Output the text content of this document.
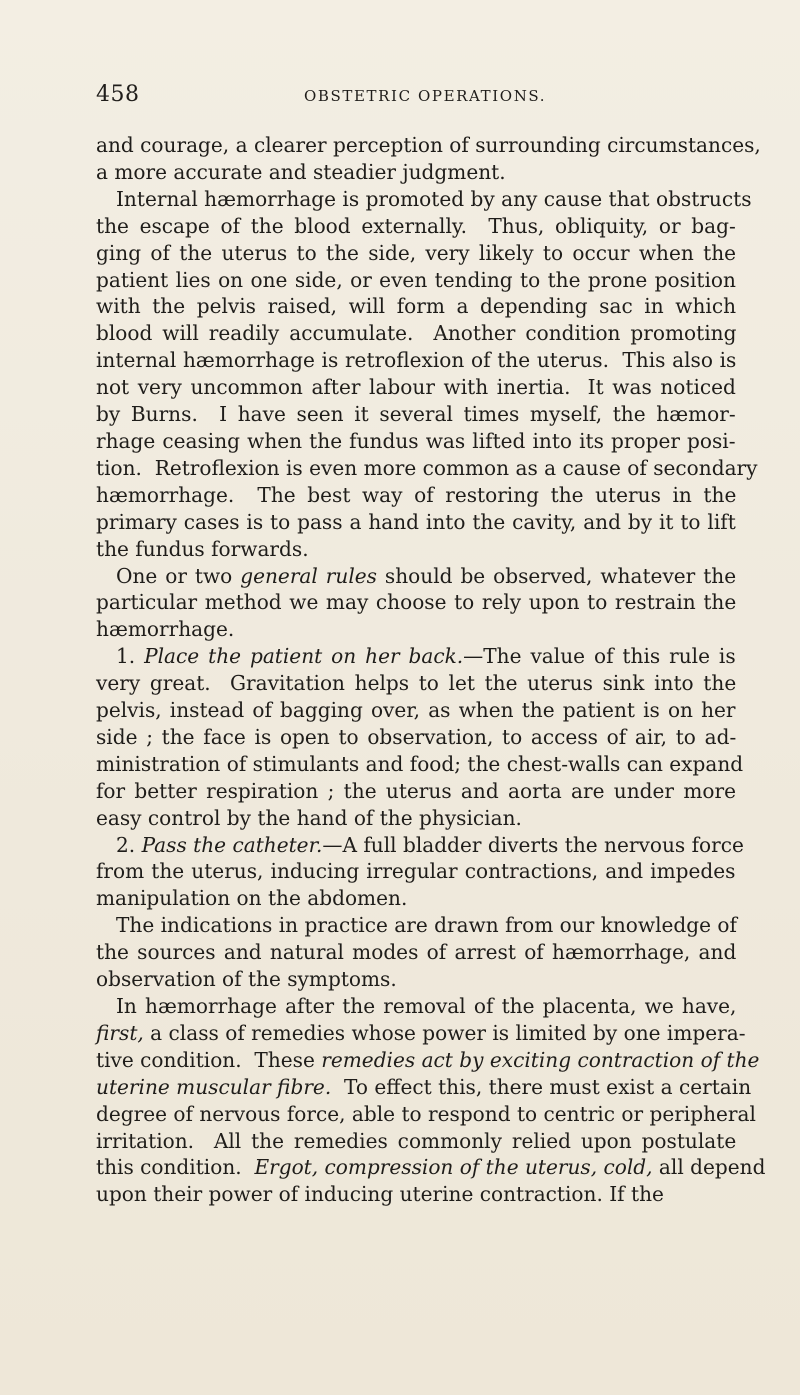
458	OBSTETRIC OPERATIONS.
and courage, a clearer perception of surrounding circumstances,
a more accurate and steadier judgment.
Internal hæmorrhage is promoted by any cause that obstructs
the escape of the blood externally.  Thus, obliquity, or bag-
ging of the uterus to the side, very likely to occur when the
patient lies on one side, or even tending to the prone position
with the pelvis raised, will form a depending sac in which
blood will readily accumulate.  Another condition promoting
internal hæmorrhage is retroflexion of the uterus.  This also is
not very uncommon after labour with inertia.  It was noticed
by Burns.  I have seen it several times myself, the hæmor-
rhage ceasing when the fundus was lifted into its proper posi-
tion.  Retroflexion is even more common as a cause of secondary
hæmorrhage.  The best way of restoring the uterus in the
primary cases is to pass a hand into the cavity, and by it to lift
the fundus forwards.
One or two general rules should be observed, whatever the
particular method we may choose to rely upon to restrain the
hæmorrhage.
1. Place the patient on her back.—The value of this rule is
very great.  Gravitation helps to let the uterus sink into the
pelvis, instead of bagging over, as when the patient is on her
side ; the face is open to observation, to access of air, to ad-
ministration of stimulants and food; the chest-walls can expand
for better respiration ; the uterus and aorta are under more
easy control by the hand of the physician.
2. Pass the catheter.—A full bladder diverts the nervous force
from the uterus, inducing irregular contractions, and impedes
manipulation on the abdomen.
The indications in practice are drawn from our knowledge of
the sources and natural modes of arrest of hæmorrhage, and
observation of the symptoms.
In hæmorrhage after the removal of the placenta, we have,
first, a class of remedies whose power is limited by one impera-
tive condition.  These remedies act by exciting contraction of the
uterine muscular fibre.  To effect this, there must exist a certain
degree of nervous force, able to respond to centric or peripheral
irritation.  All the remedies commonly relied upon postulate
this condition.  Ergot, compression of the uterus, cold, all depend
upon their power of inducing uterine contraction. If the
